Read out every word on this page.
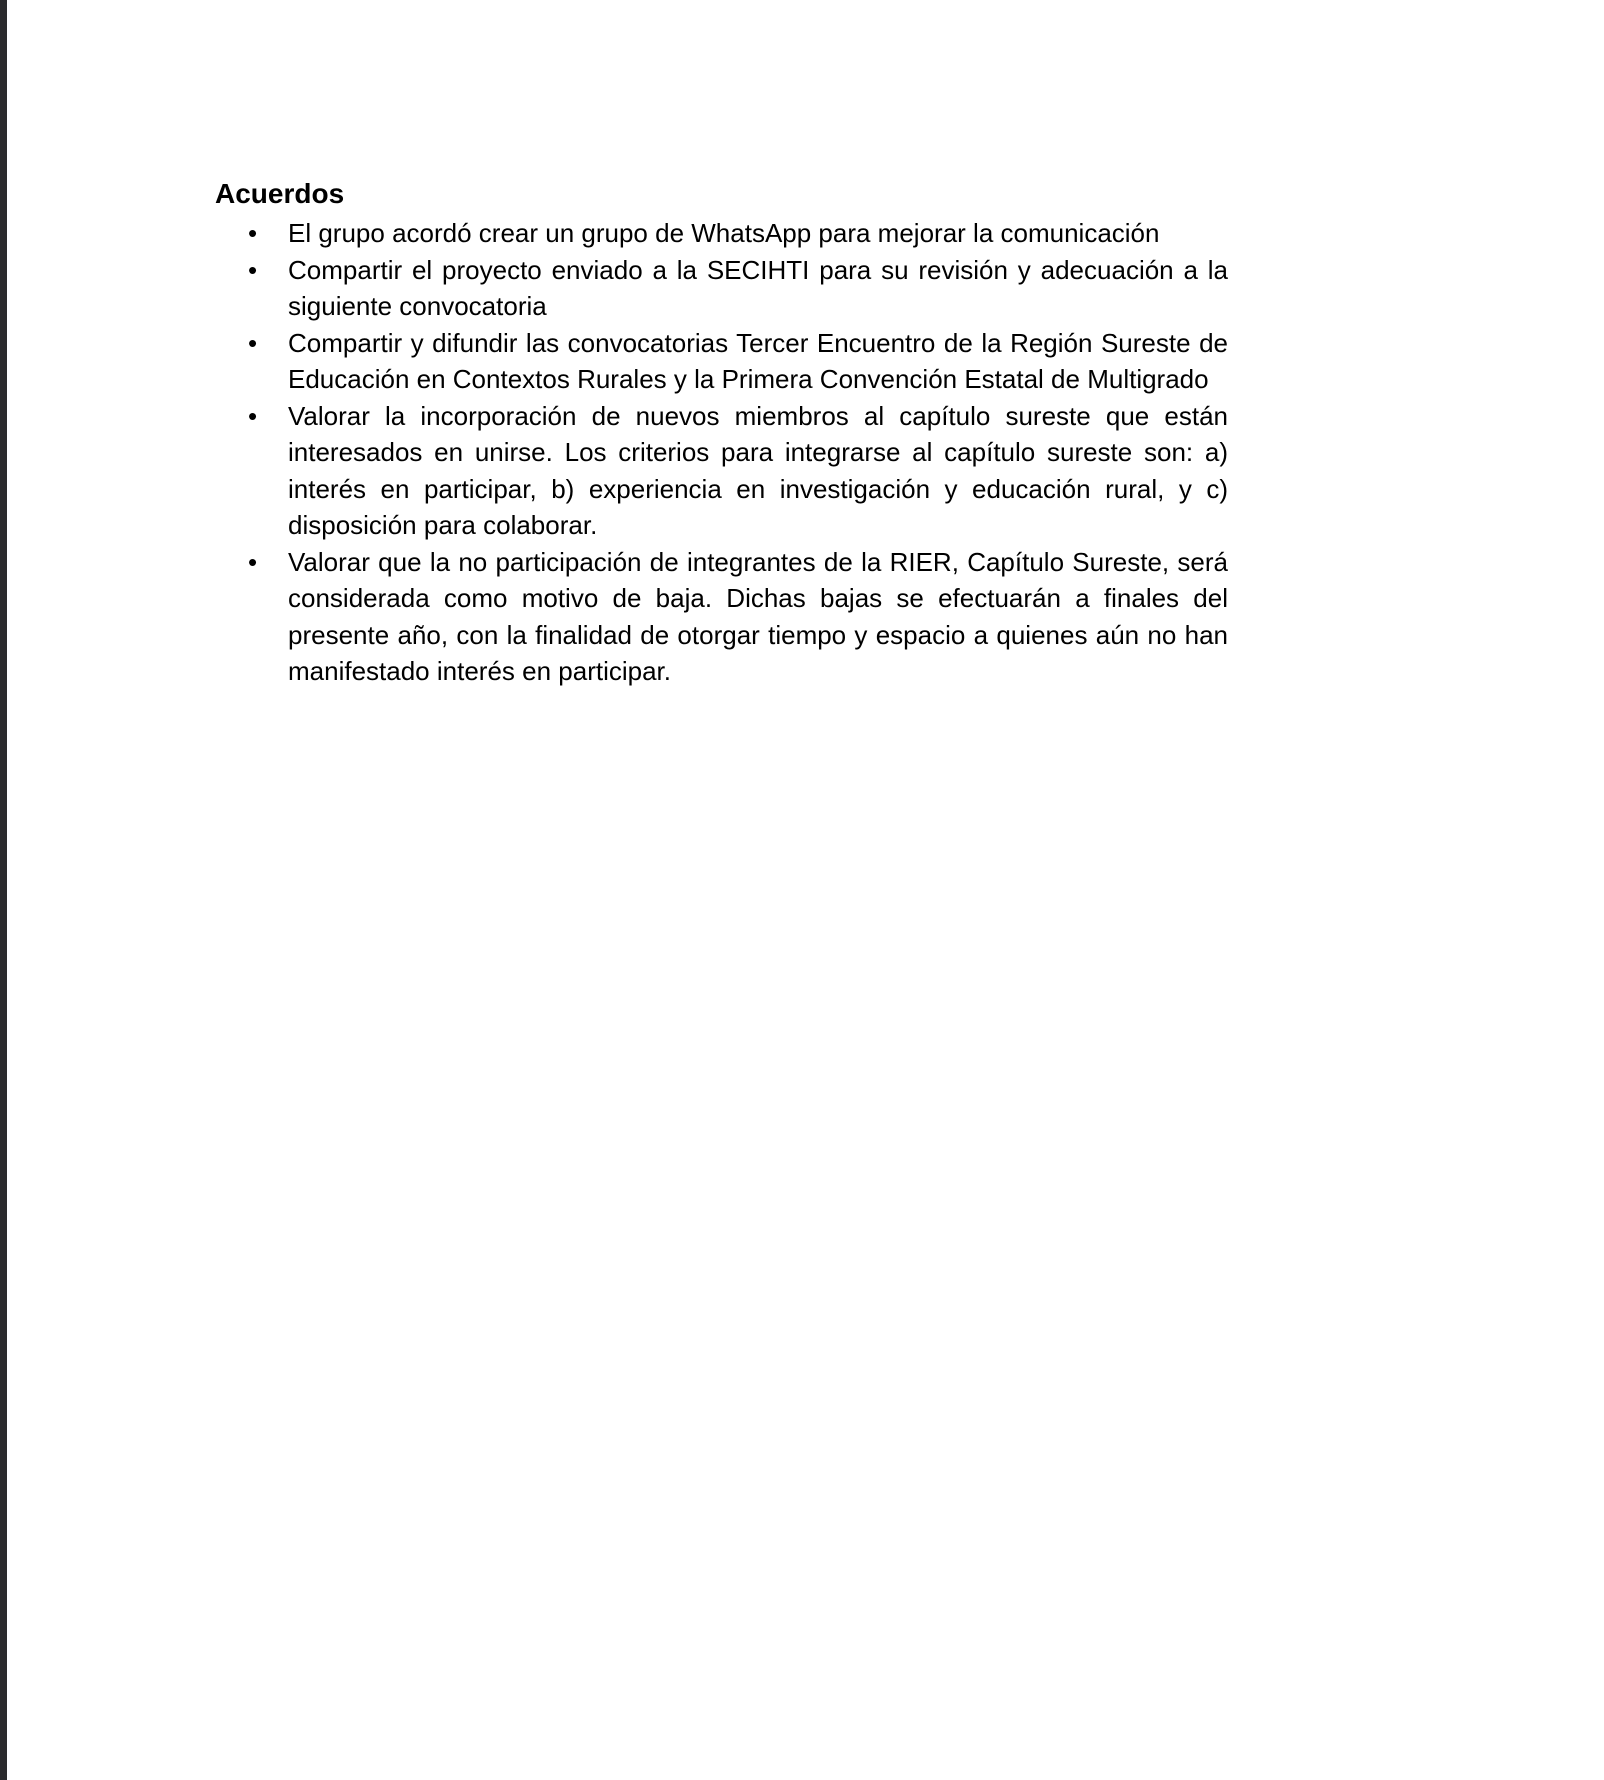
Acuerdos
• El grupo acordó crear un grupo de WhatsApp para mejorar la comunicación
• Compartir el proyecto enviado a la SECIHTI para su revisión y adecuación a la siguiente convocatoria
• Compartir y difundir las convocatorias Tercer Encuentro de la Región Sureste de Educación en Contextos Rurales y la Primera Convención Estatal de Multigrado
• Valorar la incorporación de nuevos miembros al capítulo sureste que están interesados en unirse. Los criterios para integrarse al capítulo sureste son: a) interés en participar, b) experiencia en investigación y educación rural, y c) disposición para colaborar.
• Valorar que la no participación de integrantes de la RIER, Capítulo Sureste, será considerada como motivo de baja. Dichas bajas se efectuarán a finales del presente año, con la finalidad de otorgar tiempo y espacio a quienes aún no han manifestado interés en participar.
